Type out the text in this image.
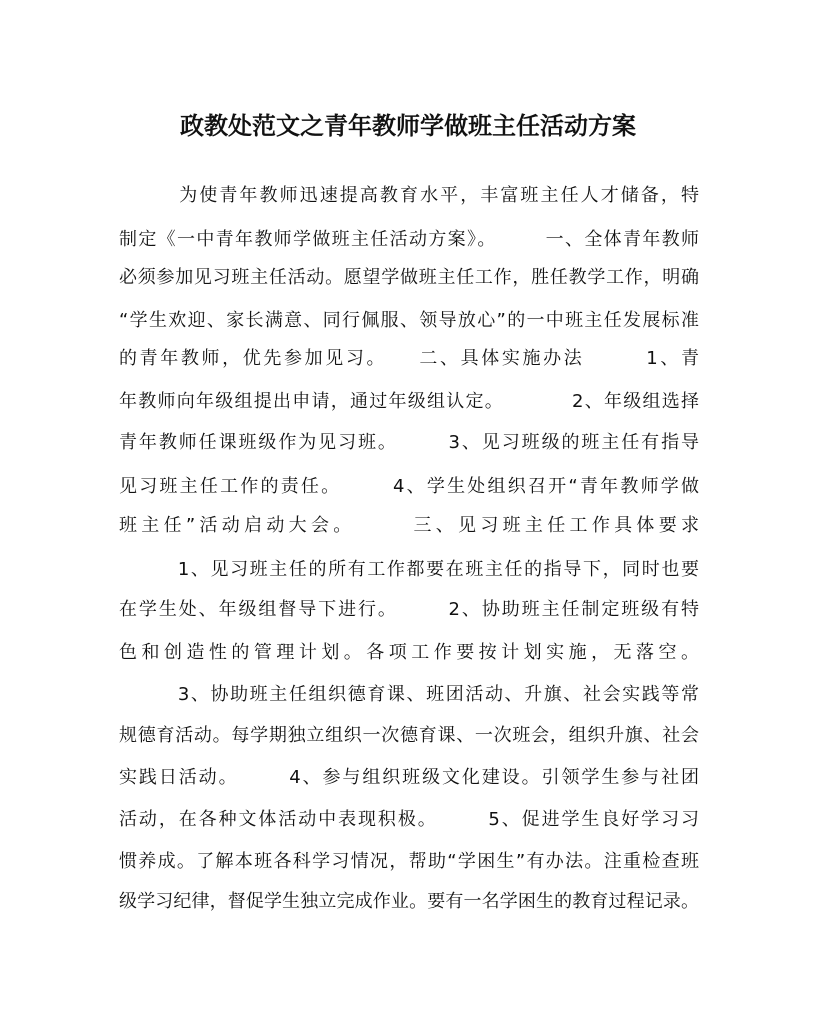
政教处范文之青年教师学做班主任活动方案
　　　为使青年教师迅速提高教育水平，丰富班主任人才储备，特
制定《一中青年教师学做班主任活动方案》。　　　一、全体青年教师
必须参加见习班主任活动。愿望学做班主任工作，胜任教学工作，明确
“学生欢迎、家长满意、同行佩服、领导放心”的一中班主任发展标准
的青年教师，优先参加见习。　　二、具体实施办法　　　1、青
年教师向年级组提出申请，通过年级组认定。　　　　2、年级组选择
青年教师任课班级作为见习班。　　　3、见习班级的班主任有指导
见习班主任工作的责任。　　　4、学生处组织召开“青年教师学做
班主任”活动启动大会。　　　三、见习班主任工作具体要求
　　　1、见习班主任的所有工作都要在班主任的指导下，同时也要
在学生处、年级组督导下进行。　　　2、协助班主任制定班级有特
色和创造性的管理计划。各项工作要按计划实施，无落空。
　　　3、协助班主任组织德育课、班团活动、升旗、社会实践等常
规德育活动。每学期独立组织一次德育课、一次班会，组织升旗、社会
实践日活动。　　　4、参与组织班级文化建设。引领学生参与社团
活动，在各种文体活动中表现积极。　　　5、促进学生良好学习习
惯养成。了解本班各科学习情况，帮助“学困生”有办法。注重检查班
级学习纪律，督促学生独立完成作业。要有一名学困生的教育过程记录。
